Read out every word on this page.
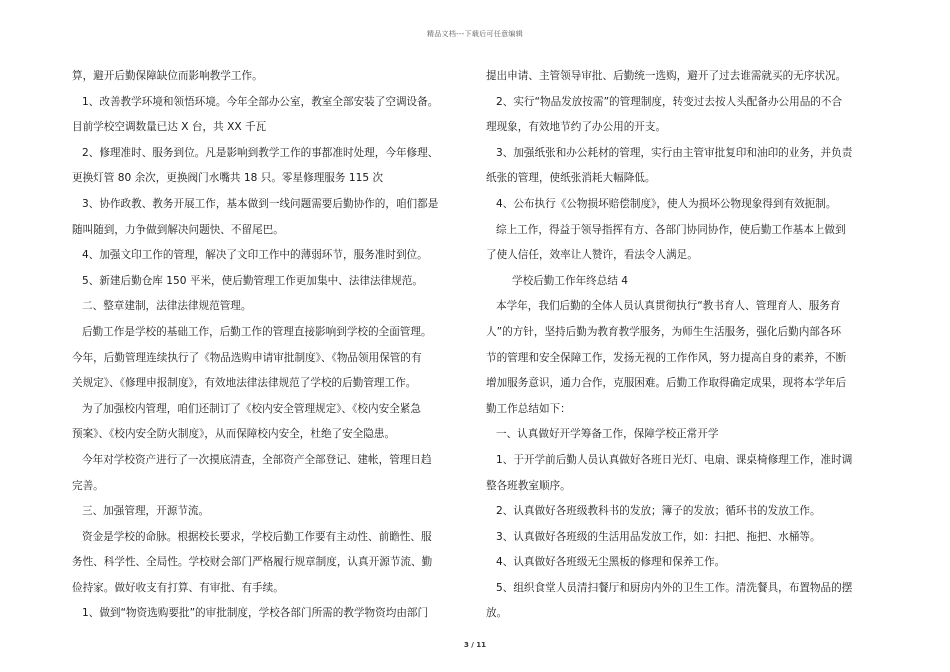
精品文档---下载后可任意编辑

算，避开后勤保障缺位而影响教学工作。

1、改善教学环境和领悟环境。今年全部办公室，教室全部安装了空调设备。

目前学校空调数量已达 X 台，共 XX 千瓦

2、修理准时、服务到位。凡是影响到教学工作的事都准时处理，今年修理、

更换灯管 80 余次，更换阀门水嘴共 18 只。零星修理服务 115 次

3、协作政教、教务开展工作，基本做到一线问题需要后勤协作的，咱们都是

随叫随到，力争做到解决问题快、不留尾巴。

4、加强文印工作的管理，解决了文印工作中的薄弱环节，服务准时到位。

5、新建后勤仓库 150 平米，使后勤管理工作更加集中、法律法律规范。

二、整章建制，法律法律规范管理。

后勤工作是学校的基础工作，后勤工作的管理直接影响到学校的全面管理。

今年，后勤管理连续执行了《物品选购申请审批制度》、《物品领用保管的有

关规定》、《修理申报制度》，有效地法律法律规范了学校的后勤管理工作。

为了加强校内管理，咱们还制订了《校内安全管理规定》、《校内安全紧急

预案》、《校内安全防火制度》，从而保障校内安全，杜绝了安全隐患。

今年对学校资产进行了一次摸底清查，全部资产全部登记、建帐，管理日趋

完善。

三、加强管理，开源节流。

资金是学校的命脉。根据校长要求，学校后勤工作要有主动性、前瞻性、服

务性、科学性、全局性。学校财会部门严格履行规章制度，认真开源节流、勤

俭持家。做好收支有打算、有审批、有手续。

1、做到“物资选购要批”的审批制度，学校各部门所需的教学物资均由部门

提出申请、主管领导审批、后勤统一选购，避开了过去谁需就买的无序状况。

2、实行“物品发放按需”的管理制度，转变过去按人头配备办公用品的不合

理现象，有效地节约了办公用的开支。

3、加强纸张和办公耗材的管理，实行由主管审批复印和油印的业务，并负责

纸张的管理，使纸张消耗大幅降低。

4、公布执行《公物损坏赔偿制度》，使人为损坏公物现象得到有效扼制。

综上工作，得益于领导指挥有方、各部门协同协作，使后勤工作基本上做到

了使人信任，效率让人赞许，看法令人满足。

学校后勤工作年终总结 4

本学年，我们后勤的全体人员认真贯彻执行“教书育人、管理育人、服务育

人”的方针，坚持后勤为教育教学服务，为师生生活服务，强化后勤内部各环

节的管理和安全保障工作，发扬无视的工作作风，努力提高自身的素养，不断

增加服务意识，通力合作，克服困难。后勤工作取得确定成果，现将本学年后

勤工作总结如下：

一、认真做好开学筹备工作，保障学校正常开学

1、于开学前后勤人员认真做好各班日光灯、电扇、课桌椅修理工作，准时调

整各班教室顺序。

2、认真做好各班级教科书的发放；簿子的发放；循环书的发放工作。

3、认真做好各班级的生活用品发放工作，如：扫把、拖把、水桶等。

4、认真做好各班级无尘黑板的修理和保养工作。

5、组织食堂人员清扫餐厅和厨房内外的卫生工作。清洗餐具，布置物品的摆

放。

3 / 11
